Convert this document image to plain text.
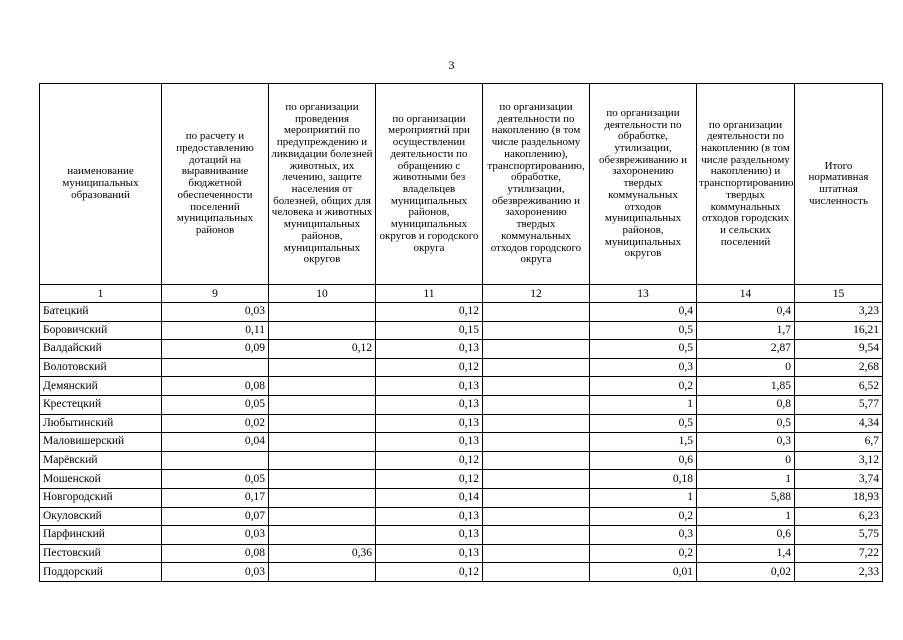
3
наименование муниципальных образований	по расчету и предоставлению дотаций на выравнивание бюджетной обеспеченности поселений муниципальных районов	по организации проведения мероприятий по предупреждению и ликвидации болезней животных, их лечению, защите населения от болезней, общих для человека и животных муниципальных районов, муниципальных округов	по организации мероприятий при осуществлении деятельности по обращению с животными без владельцев муниципальных районов, муниципальных округов и городского округа	по организации деятельности по накоплению (в том числе раздельному накоплению), транспортированию, обработке, утилизации, обезвреживанию и захоронению твердых коммунальных отходов городского округа	по организации деятельности по обработке, утилизации, обезвреживанию и захоронению твердых коммунальных отходов муниципальных районов, муниципальных округов	по организации деятельности по накоплению (в том числе раздельному накоплению) и транспортированию твердых коммунальных отходов городских и сельских поселений	Итого нормативная штатная численность
1	9	10	11	12	13	14	15
Батецкий	0,03		0,12		0,4	0,4	3,23
Боровичский	0,11		0,15		0,5	1,7	16,21
Валдайский	0,09	0,12	0,13		0,5	2,87	9,54
Волотовский			0,12		0,3	0	2,68
Демянский	0,08		0,13		0,2	1,85	6,52
Крестецкий	0,05		0,13		1	0,8	5,77
Любытинский	0,02		0,13		0,5	0,5	4,34
Маловишерский	0,04		0,13		1,5	0,3	6,7
Марёвский			0,12		0,6	0	3,12
Мошенской	0,05		0,12		0,18	1	3,74
Новгородский	0,17		0,14		1	5,88	18,93
Окуловский	0,07		0,13		0,2	1	6,23
Парфинский	0,03		0,13		0,3	0,6	5,75
Пестовский	0,08	0,36	0,13		0,2	1,4	7,22
Поддорский	0,03		0,12		0,01	0,02	2,33
